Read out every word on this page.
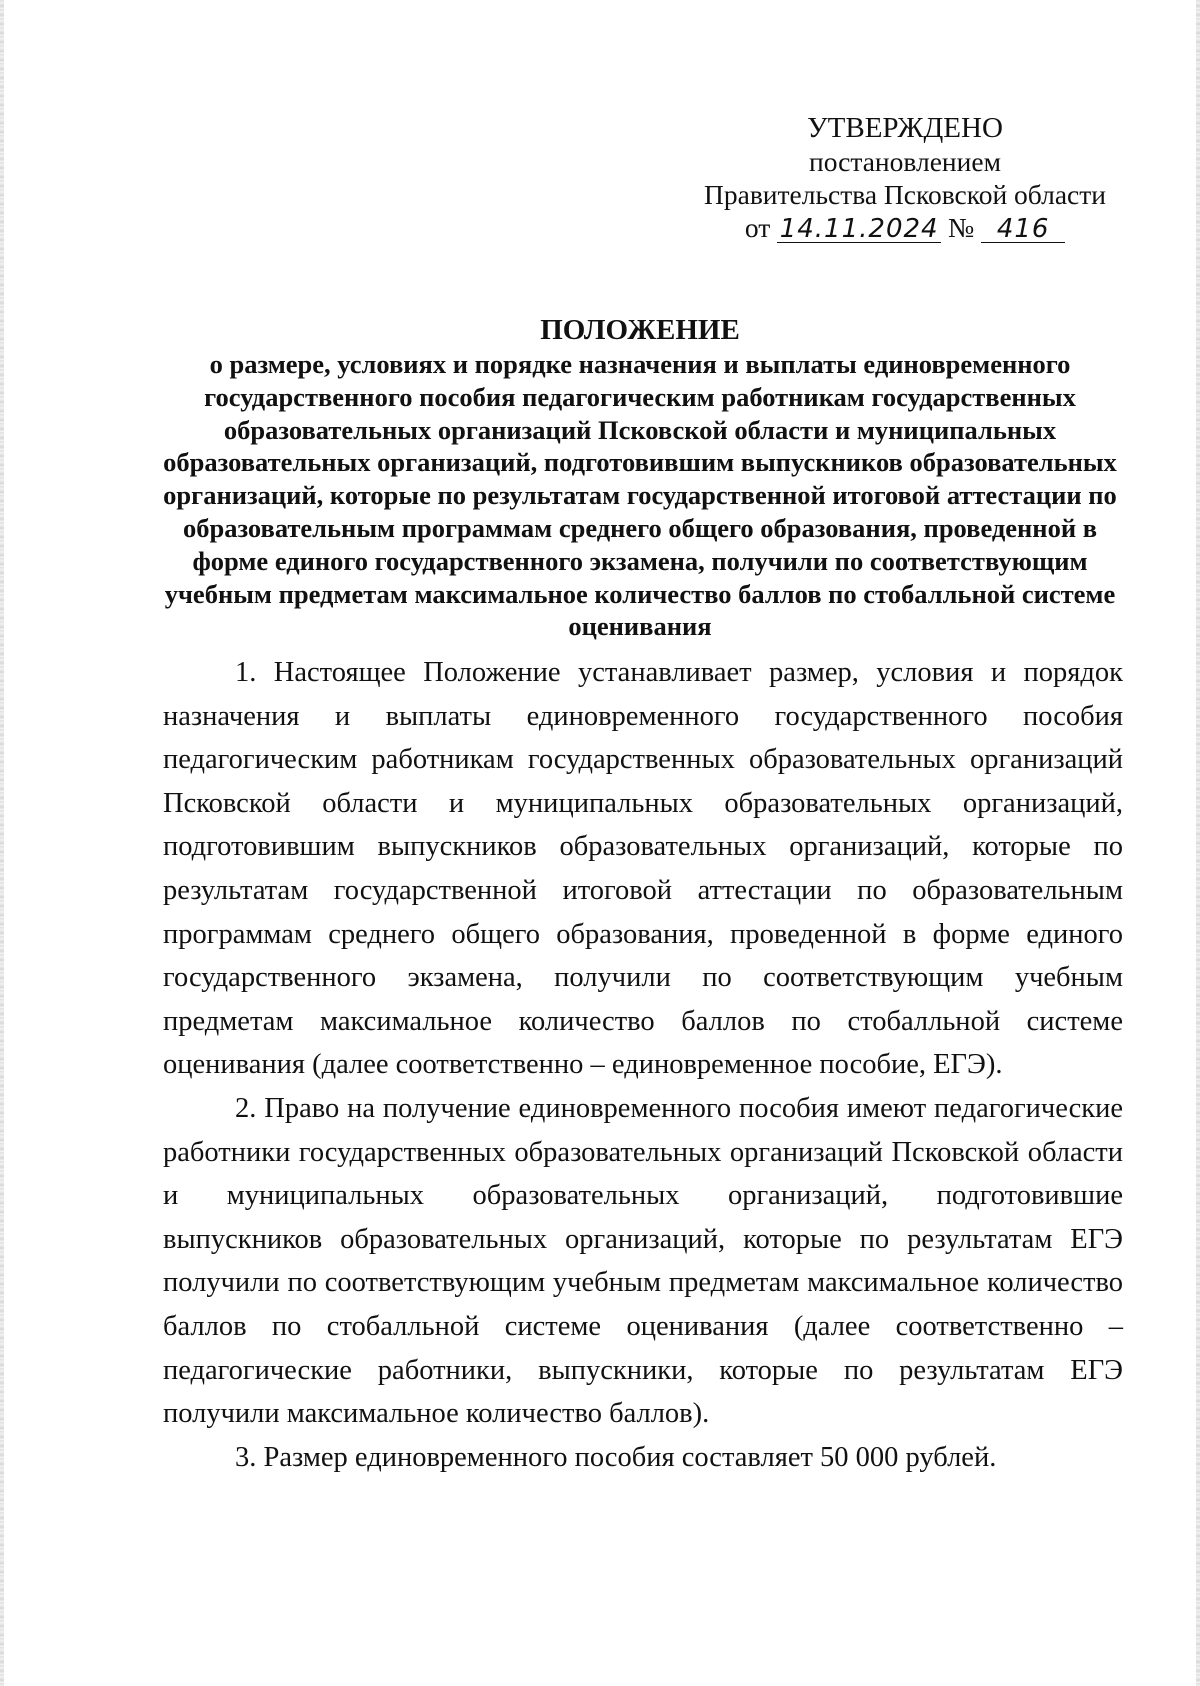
УТВЕРЖДЕНО
постановлением
Правительства Псковской области
от 14.11.2024 № 416
ПОЛОЖЕНИЕ
о размере, условиях и порядке назначения и выплаты единовременного государственного пособия педагогическим работникам государственных образовательных организаций Псковской области и муниципальных образовательных организаций, подготовившим выпускников образовательных организаций, которые по результатам государственной итоговой аттестации по образовательным программам среднего общего образования, проведенной в форме единого государственного экзамена, получили по соответствующим учебным предметам максимальное количество баллов по стобалльной системе оценивания

1. Настоящее Положение устанавливает размер, условия и порядок назначения и выплаты единовременного государственного пособия педагогическим работникам государственных образовательных организаций Псковской области и муниципальных образовательных организаций, подготовившим выпускников образовательных организаций, которые по результатам государственной итоговой аттестации по образовательным программам среднего общего образования, проведенной в форме единого государственного экзамена, получили по соответствующим учебным предметам максимальное количество баллов по стобалльной системе оценивания (далее соответственно – единовременное пособие, ЕГЭ).

2. Право на получение единовременного пособия имеют педагогические работники государственных образовательных организаций Псковской области и муниципальных образовательных организаций, подготовившие выпускников образовательных организаций, которые по результатам ЕГЭ получили по соответствующим учебным предметам максимальное количество баллов по стобалльной системе оценивания (далее соответственно – педагогические работники, выпускники, которые по результатам ЕГЭ получили максимальное количество баллов).

3. Размер единовременного пособия составляет 50 000 рублей.
